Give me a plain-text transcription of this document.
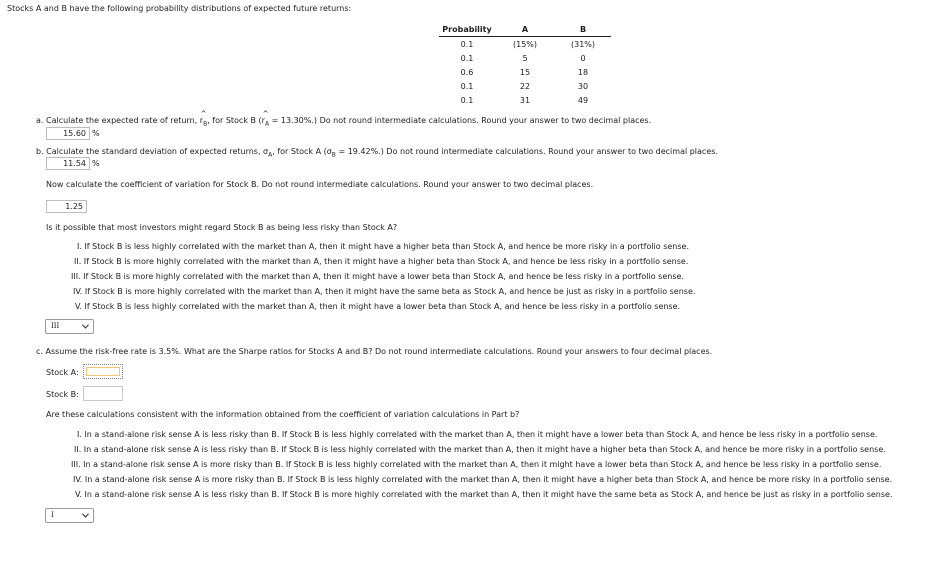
Stocks A and B have the following probability distributions of expected future returns:
Probability	A	B
0.1	(15%)	(31%)
0.1	5	0
0.6	15	18
0.1	22	30
0.1	31	49
a. Calculate the expected rate of return, ^ $r_B$, for Stock B (^ $r_A = 13.30\%$.) Do not round intermediate calculations. Round your answer to two decimal places.
15.60 %
b. Calculate the standard deviation of expected returns, $\sigma_A$, for Stock A $(\sigma_B = 19.42\%.)$ Do not round intermediate calculations. Round your answer to two decimal places.
11.54 %
Now calculate the coefficient of variation for Stock B. Do not round intermediate calculations. Round your answer to two decimal places.
1.25
Is it possible that most investors might regard Stock B as being less risky than Stock A?
I. If Stock B is less highly correlated with the market than A, then it might have a higher beta than Stock A, and hence be more risky in a portfolio sense.
II. If Stock B is more highly correlated with the market than A, then it might have a higher beta than Stock A, and hence be less risky in a portfolio sense.
III. If Stock B is more highly correlated with the market than A, then it might have a lower beta than Stock A, and hence be less risky in a portfolio sense.
IV. If Stock B is more highly correlated with the market than A, then it might have the same beta as Stock A, and hence be just as risky in a portfolio sense.
V. If Stock B is less highly correlated with the market than A, then it might have a lower beta than Stock A, and hence be less risky in a portfolio sense.
III
c. Assume the risk-free rate is 3.5%. What are the Sharpe ratios for Stocks A and B? Do not round intermediate calculations. Round your answers to four decimal places.
Stock A:
Stock B:
Are these calculations consistent with the information obtained from the coefficient of variation calculations in Part b?
I. In a stand-alone risk sense A is less risky than B. If Stock B is less highly correlated with the market than A, then it might have a lower beta than Stock A, and hence be less risky in a portfolio sense.
II. In a stand-alone risk sense A is less risky than B. If Stock B is less highly correlated with the market than A, then it might have a higher beta than Stock A, and hence be more risky in a portfolio sense.
III. In a stand-alone risk sense A is more risky than B. If Stock B is less highly correlated with the market than A, then it might have a lower beta than Stock A, and hence be less risky in a portfolio sense.
IV. In a stand-alone risk sense A is more risky than B. If Stock B is less highly correlated with the market than A, then it might have a higher beta than Stock A, and hence be more risky in a portfolio sense.
V. In a stand-alone risk sense A is less risky than B. If Stock B is more highly correlated with the market than A, then it might have the same beta as Stock A, and hence be just as risky in a portfolio sense.
I
